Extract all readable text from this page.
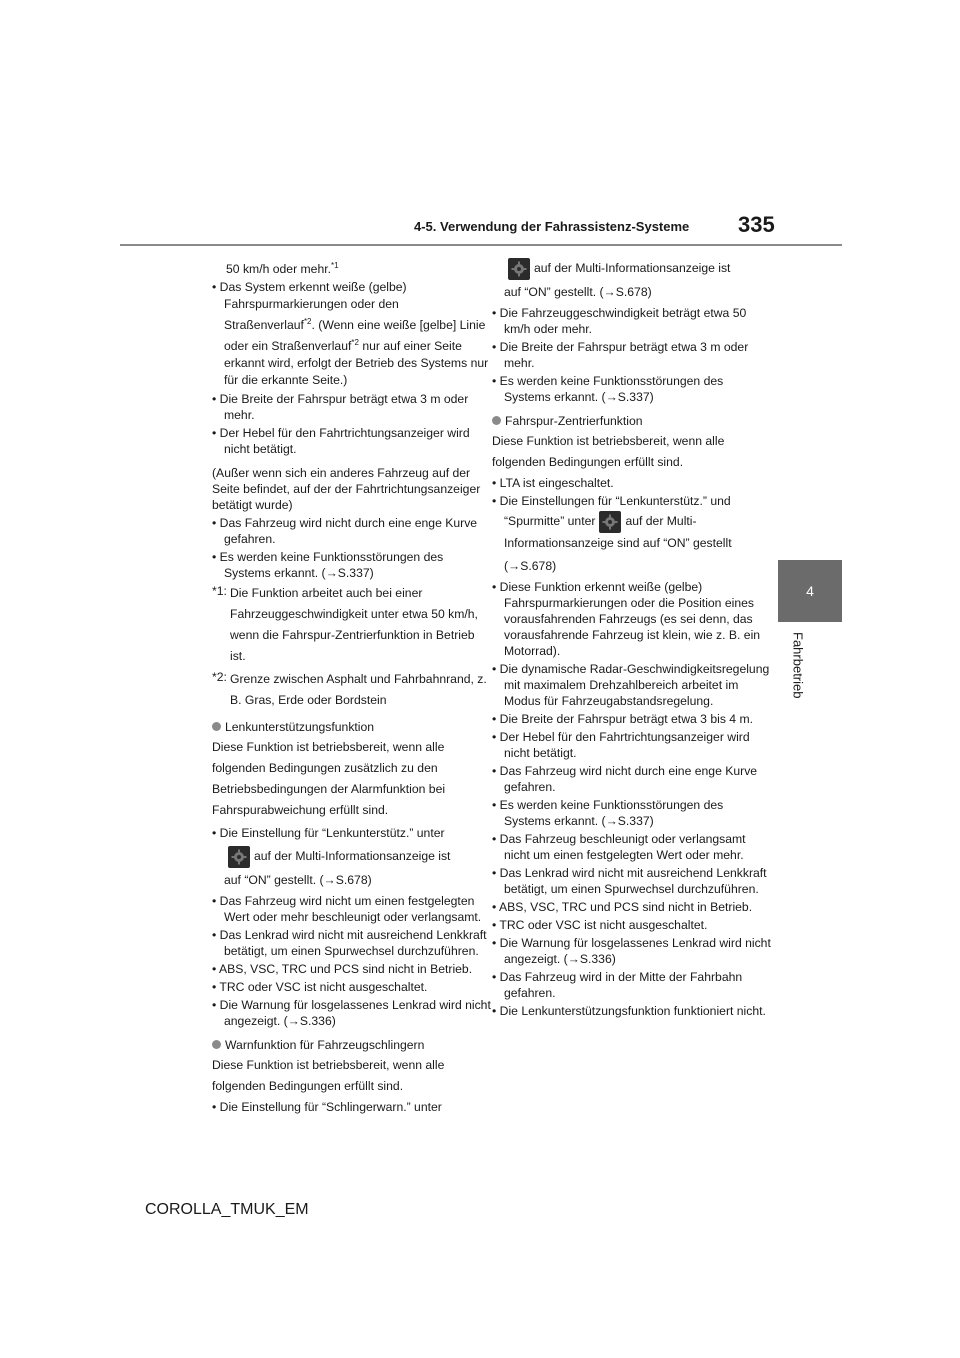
4-5. Verwendung der Fahrassistenz-Systeme 335
4
Fahrbetrieb

50 km/h oder mehr.$^{*1}$

• Das System erkennt weiße (gelbe) Fahrspurmarkierungen oder den Straßenverlauf$^{*2}$. (Wenn eine weiße [gelbe] Linie oder ein Straßenverlauf$^{*2}$ nur auf einer Seite erkannt wird, erfolgt der Betrieb des Systems nur für die erkannte Seite.)

• Die Breite der Fahrspur beträgt etwa 3 m oder mehr.

• Der Hebel für den Fahrtrichtungsanzeiger wird nicht betätigt.

(Außer wenn sich ein anderes Fahrzeug auf der Seite befindet, auf der der Fahrtrichtungsanzeiger betätigt wurde)

• Das Fahrzeug wird nicht durch eine enge Kurve gefahren.

• Es werden keine Funktionsstörungen des Systems erkannt. (→S.337)

*1: Die Funktion arbeitet auch bei einer Fahrzeuggeschwindigkeit unter etwa 50 km/h, wenn die Fahrspur-Zentrierfunktion in Betrieb ist.
*2: Grenze zwischen Asphalt und Fahrbahnrand, z. B. Gras, Erde oder Bordstein

Lenkunterstützungsfunktion

Diese Funktion ist betriebsbereit, wenn alle folgenden Bedingungen zusätzlich zu den Betriebsbedingungen der Alarmfunktion bei Fahrspurabweichung erfüllt sind.

• Die Einstellung für “Lenkunterstütz.” unter

auf der Multi-Informationsanzeige ist

auf “ON” gestellt. (→S.678)

• Das Fahrzeug wird nicht um einen festgelegten Wert oder mehr beschleunigt oder verlangsamt.

• Das Lenkrad wird nicht mit ausreichend Lenkkraft betätigt, um einen Spurwechsel durchzuführen.

• ABS, VSC, TRC und PCS sind nicht in Betrieb.

• TRC oder VSC ist nicht ausgeschaltet.

• Die Warnung für losgelassenes Lenkrad wird nicht angezeigt. (→S.336)

Warnfunktion für Fahrzeugschlingern

Diese Funktion ist betriebsbereit, wenn alle folgenden Bedingungen erfüllt sind.

• Die Einstellung für “Schlingerwarn.” unter

auf der Multi-Informationsanzeige ist

auf “ON” gestellt. (→S.678)

• Die Fahrzeuggeschwindigkeit beträgt etwa 50 km/h oder mehr.

• Die Breite der Fahrspur beträgt etwa 3 m oder mehr.

• Es werden keine Funktionsstörungen des Systems erkannt. (→S.337)

Fahrspur-Zentrierfunktion

Diese Funktion ist betriebsbereit, wenn alle folgenden Bedingungen erfüllt sind.

• LTA ist eingeschaltet.

• Die Einstellungen für “Lenkunterstütz.” und

“Spurmitte” unter auf der Multi-Informationsanzeige sind auf “ON” gestellt

(→S.678)

• Diese Funktion erkennt weiße (gelbe) Fahrspurmarkierungen oder die Position eines vorausfahrenden Fahrzeugs (es sei denn, das vorausfahrende Fahrzeug ist klein, wie z. B. ein Motorrad).

• Die dynamische Radar-Geschwindigkeitsregelung mit maximalem Drehzahlbereich arbeitet im Modus für Fahrzeugabstandsregelung.

• Die Breite der Fahrspur beträgt etwa 3 bis 4 m.

• Der Hebel für den Fahrtrichtungsanzeiger wird nicht betätigt.

• Das Fahrzeug wird nicht durch eine enge Kurve gefahren.

• Es werden keine Funktionsstörungen des Systems erkannt. (→S.337)

• Das Fahrzeug beschleunigt oder verlangsamt nicht um einen festgelegten Wert oder mehr.

• Das Lenkrad wird nicht mit ausreichend Lenkkraft betätigt, um einen Spurwechsel durchzuführen.

• ABS, VSC, TRC und PCS sind nicht in Betrieb.

• TRC oder VSC ist nicht ausgeschaltet.

• Die Warnung für losgelassenes Lenkrad wird nicht angezeigt. (→S.336)

• Das Fahrzeug wird in der Mitte der Fahrbahn gefahren.

• Die Lenkunterstützungsfunktion funktioniert nicht.

COROLLA_TMUK_EM
